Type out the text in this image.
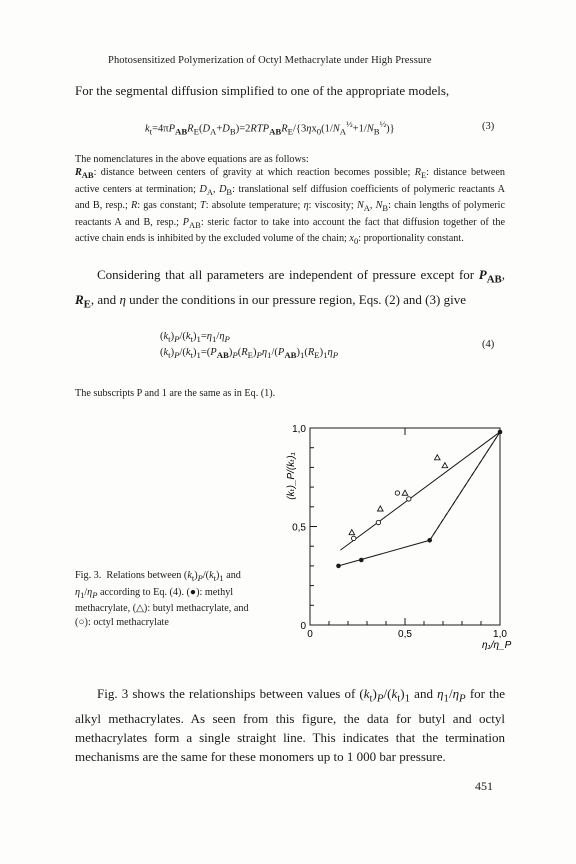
Photosensitized Polymerization of Octyl Methacrylate under High Pressure
For the segmental diffusion simplified to one of the appropriate models,
$k_t=4\pi P_{AB}R_E(D_A+D_B)=2RTP_{AB}R_E/\{3\eta x_0(1/N_A^{\frac{1}{2}}+1/N_B^{\frac{1}{2}})\}$	(3)
The nomenclatures in the above equations are as follows:
$R_{AB}$: distance between centers of gravity at which reaction becomes possible; $R_E$: distance between active centers at termination; $D_A$, $D_B$: translational self diffusion coefficients of polymeric reactants A and B, resp.; R: gas constant; T: absolute temperature; η: viscosity; $N_A$, $N_B$: chain lengths of polymeric reactants A and B, resp.; $P_{AB}$: steric factor to take into account the fact that diffusion together of the active chain ends is inhibited by the excluded volume of the chain; $x_0$: proportionality constant.
Considering that all parameters are independent of pressure except for $P_{AB}$, $R_E$, and η under the conditions in our pressure region, Eqs. (2) and (3) give
$(k_t)_P/(k_t)_1=\eta_1/\eta_P$
$(k_t)_P/(k_t)_1=(P_{AB})_P(R_E)_P\eta_1/(P_{AB})_1(R_E)_1\eta_P$
(4)
The subscripts P and 1 are the same as in Eq. (1).
0	0,5	1,0
0
0,5
1,0
(kₜ)_P/(kₜ)₁
η₁/η_P
Fig. 3.  Relations between $(k_t)_P/(k_t)_1$ and $\eta_1/\eta_P$ according to Eq. (4). (●): methyl methacrylate, (△): butyl methacrylate, and (○): octyl methacrylate
Fig. 3 shows the relationships between values of $(k_t)_P/(k_t)_1$ and $\eta_1/\eta_P$ for the alkyl methacrylates. As seen from this figure, the data for butyl and octyl methacrylates form a single straight line. This indicates that the termination mechanisms are the same for these monomers up to 1 000 bar pressure.
451
